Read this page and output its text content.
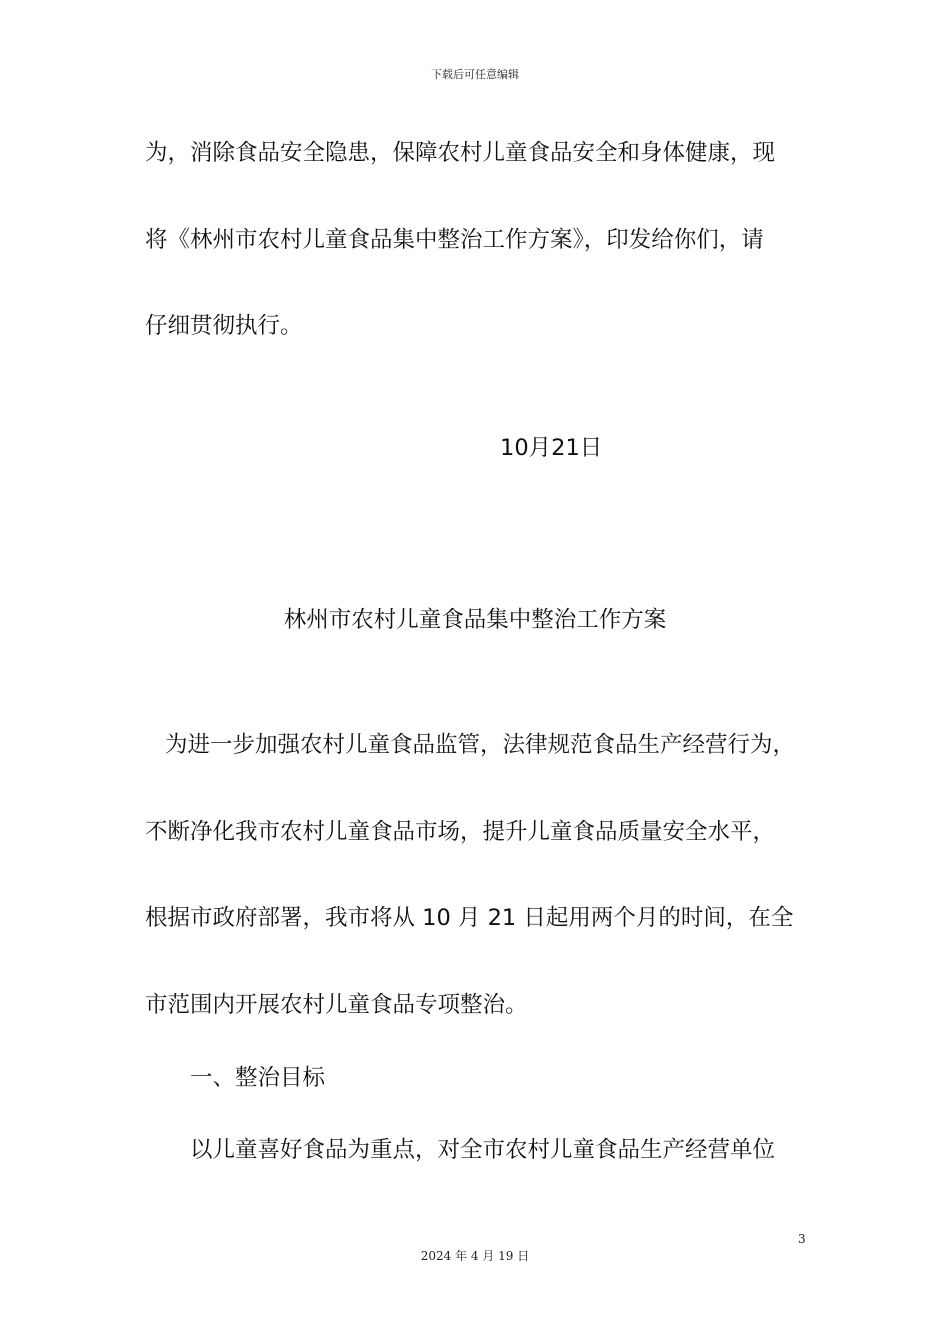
下载后可任意编辑
为，消除食品安全隐患，保障农村儿童食品安全和身体健康，现
将《林州市农村儿童食品集中整治工作方案》，印发给你们，请
仔细贯彻执行。
10月21日
林州市农村儿童食品集中整治工作方案
为进一步加强农村儿童食品监管，法律规范食品生产经营行为，
不断净化我市农村儿童食品市场，提升儿童食品质量安全水平，
根据市政府部署，我市将从 10 月 21 日起用两个月的时间，在全
市范围内开展农村儿童食品专项整治。
一、整治目标
以儿童喜好食品为重点，对全市农村儿童食品生产经营单位
3
2024 年 4 月 19 日
